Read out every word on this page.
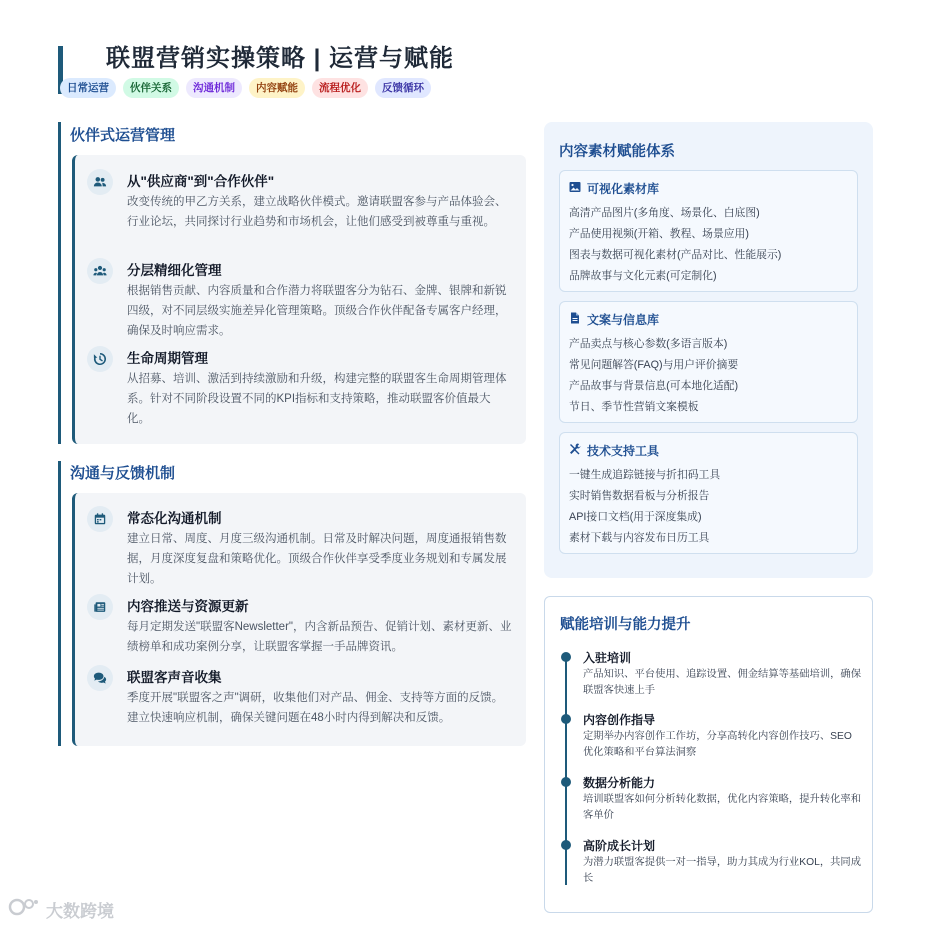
联盟营销实操策略 | 运营与赋能
日常运营	伙伴关系	沟通机制	内容赋能	流程优化	反馈循环
伙伴式运营管理
从"供应商"到"合作伙伴"
改变传统的甲乙方关系，建立战略伙伴模式。邀请联盟客参与产品体验会、行业论坛，共同探讨行业趋势和市场机会，让他们感受到被尊重与重视。
分层精细化管理
根据销售贡献、内容质量和合作潜力将联盟客分为钻石、金牌、银牌和新锐四级，对不同层级实施差异化管理策略。顶级合作伙伴配备专属客户经理，确保及时响应需求。
生命周期管理
从招募、培训、激活到持续激励和升级，构建完整的联盟客生命周期管理体系。针对不同阶段设置不同的KPI指标和支持策略，推动联盟客价值最大化。
沟通与反馈机制
常态化沟通机制
建立日常、周度、月度三级沟通机制。日常及时解决问题，周度通报销售数据，月度深度复盘和策略优化。顶级合作伙伴享受季度业务规划和专属发展计划。
内容推送与资源更新
每月定期发送"联盟客Newsletter"，内含新品预告、促销计划、素材更新、业绩榜单和成功案例分享，让联盟客掌握一手品牌资讯。
联盟客声音收集
季度开展"联盟客之声"调研，收集他们对产品、佣金、支持等方面的反馈。建立快速响应机制，确保关键问题在48小时内得到解决和反馈。
内容素材赋能体系
可视化素材库
高清产品图片(多角度、场景化、白底图)
产品使用视频(开箱、教程、场景应用)
图表与数据可视化素材(产品对比、性能展示)
品牌故事与文化元素(可定制化)
文案与信息库
产品卖点与核心参数(多语言版本)
常见问题解答(FAQ)与用户评价摘要
产品故事与背景信息(可本地化适配)
节日、季节性营销文案模板
技术支持工具
一键生成追踪链接与折扣码工具
实时销售数据看板与分析报告
API接口文档(用于深度集成)
素材下载与内容发布日历工具
赋能培训与能力提升
入驻培训
产品知识、平台使用、追踪设置、佣金结算等基础培训，确保联盟客快速上手
内容创作指导
定期举办内容创作工作坊，分享高转化内容创作技巧、SEO优化策略和平台算法洞察
数据分析能力
培训联盟客如何分析转化数据，优化内容策略，提升转化率和客单价
高阶成长计划
为潜力联盟客提供一对一指导，助力其成为行业KOL，共同成长
大数跨境
